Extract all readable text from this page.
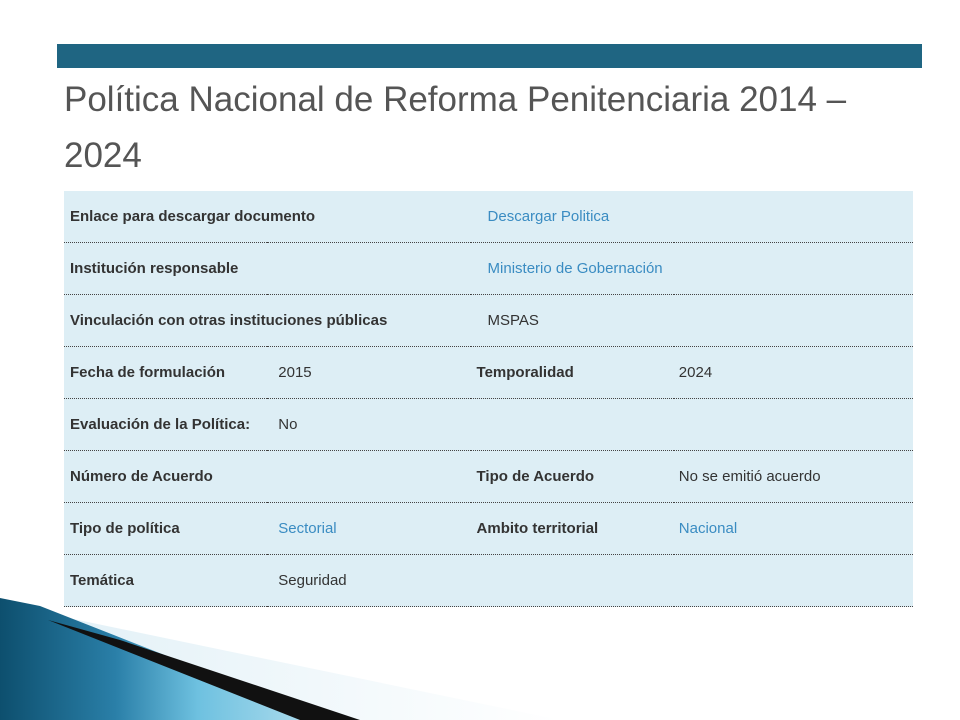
Política Nacional de Reforma Penitenciaria 2014 – 2024
Enlace para descargar documento		Descargar Politica	
Institución responsable		Ministerio de Gobernación	
Vinculación con otras instituciones públicas		MSPAS	
Fecha de formulación	2015	Temporalidad	2024
Evaluación de la Política:	No		
Número de Acuerdo		Tipo de Acuerdo	No se emitió acuerdo
Tipo de política	Sectorial	Ambito territorial	Nacional
Temática	Seguridad		
